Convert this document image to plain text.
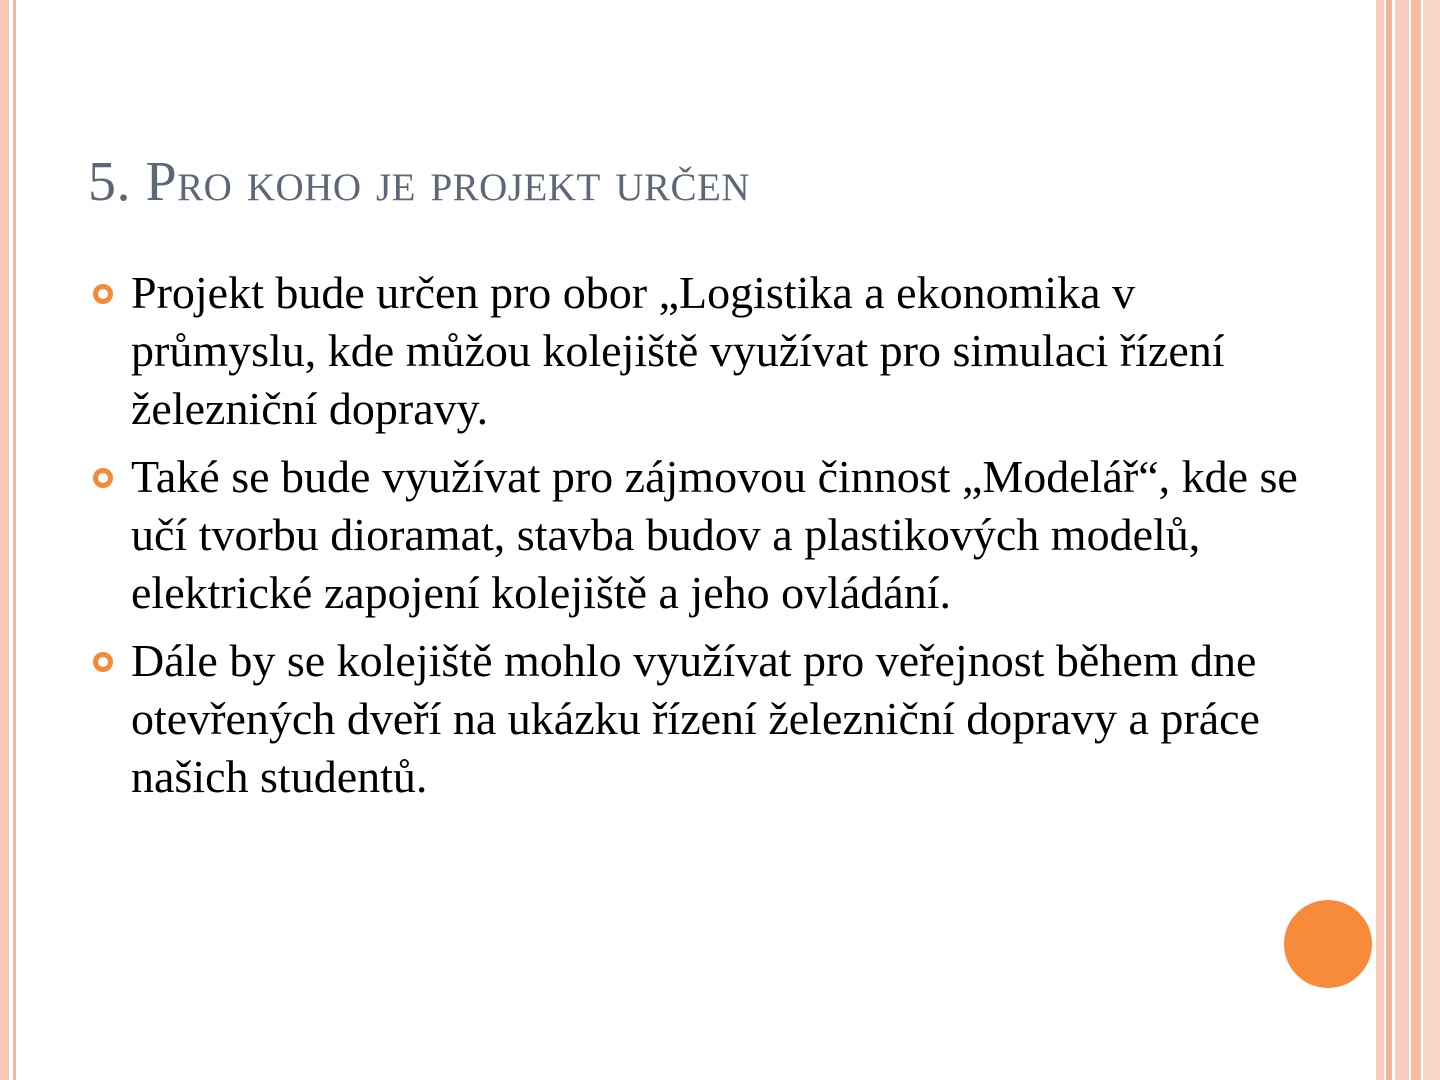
5. Pro koho je projekt určen
Projekt bude určen pro obor „Logistika a ekonomika v průmyslu, kde můžou kolejiště využívat pro simulaci řízení železniční dopravy.
Také se bude využívat pro zájmovou činnost „Modelář“, kde se učí tvorbu dioramat, stavba budov a plastikových modelů, elektrické zapojení kolejiště a jeho ovládání.
Dále by se kolejiště mohlo využívat pro veřejnost během dne otevřených dveří na ukázku řízení železniční dopravy a práce našich studentů.
